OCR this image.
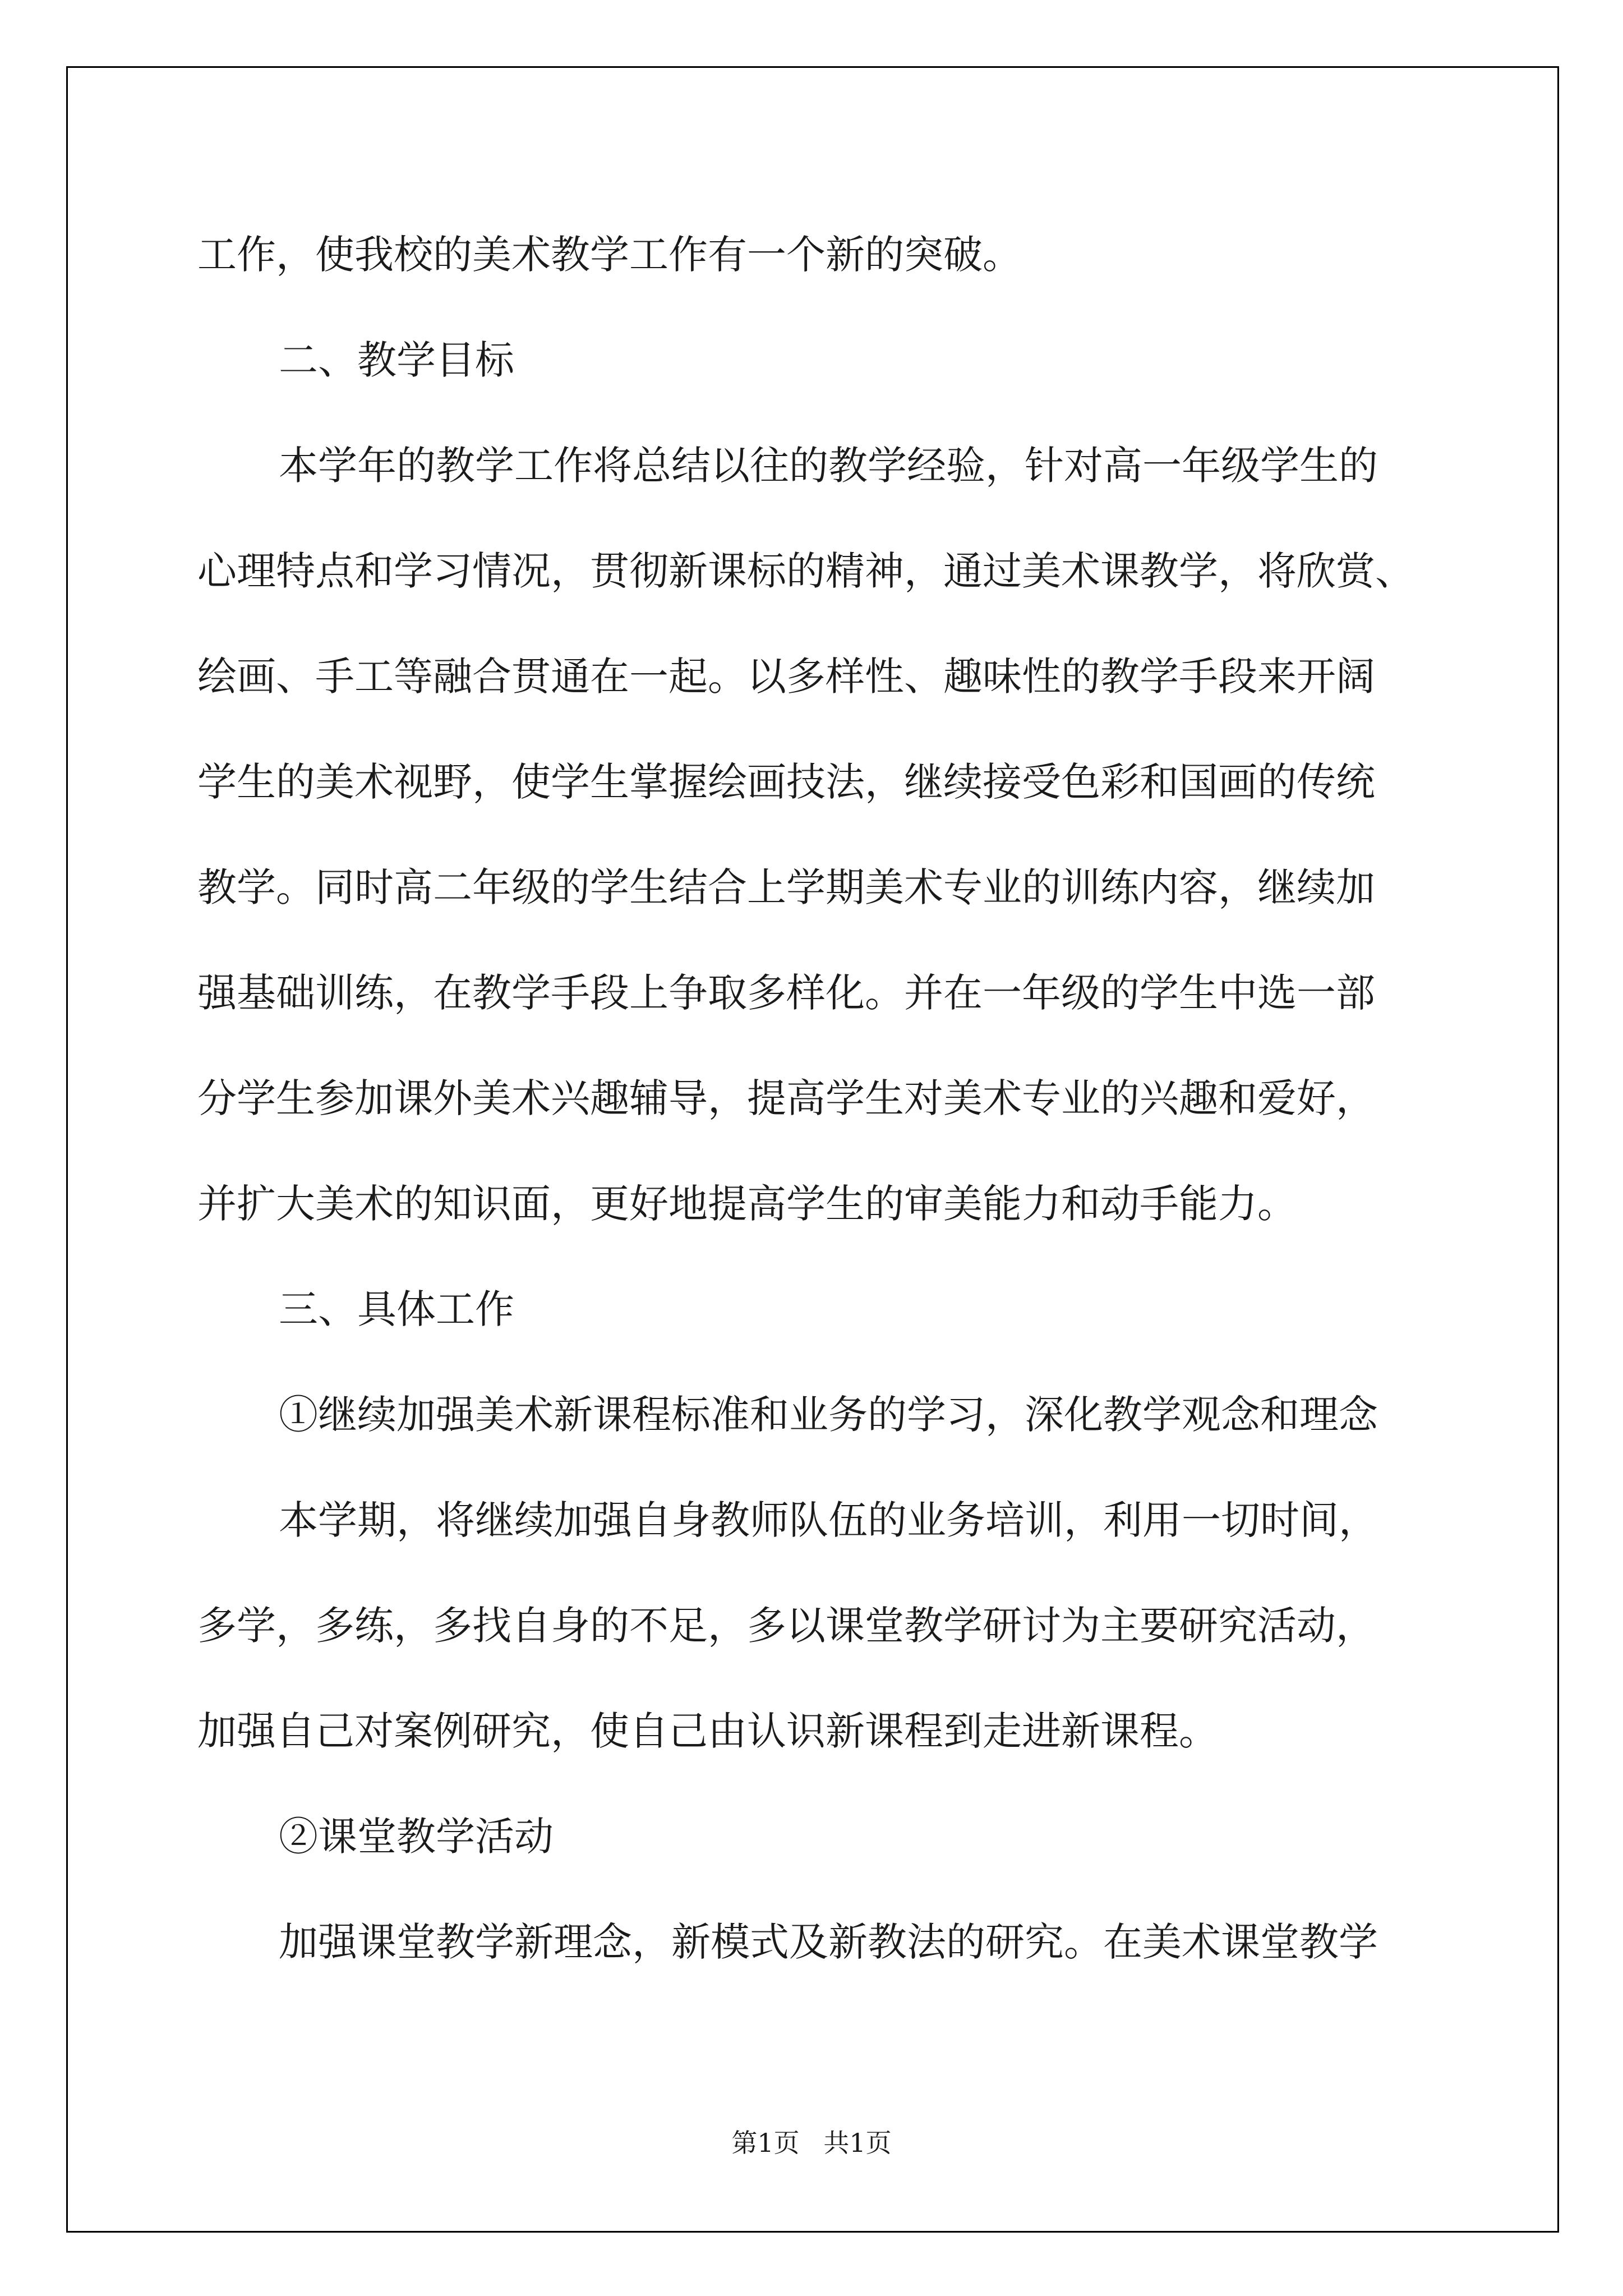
工作，使我校的美术教学工作有一个新的突破。

二、教学目标

本学年的教学工作将总结以往的教学经验，针对高一年级学生的

心理特点和学习情况，贯彻新课标的精神，通过美术课教学，将欣赏、

绘画、手工等融合贯通在一起。以多样性、趣味性的教学手段来开阔

学生的美术视野，使学生掌握绘画技法，继续接受色彩和国画的传统

教学。同时高二年级的学生结合上学期美术专业的训练内容，继续加

强基础训练，在教学手段上争取多样化。并在一年级的学生中选一部

分学生参加课外美术兴趣辅导，提高学生对美术专业的兴趣和爱好，

并扩大美术的知识面，更好地提高学生的审美能力和动手能力。

三、具体工作

①继续加强美术新课程标准和业务的学习，深化教学观念和理念

本学期，将继续加强自身教师队伍的业务培训，利用一切时间，

多学，多练，多找自身的不足，多以课堂教学研讨为主要研究活动，

加强自己对案例研究，使自己由认识新课程到走进新课程。

②课堂教学活动

加强课堂教学新理念，新模式及新教法的研究。在美术课堂教学

第1页 共1页
